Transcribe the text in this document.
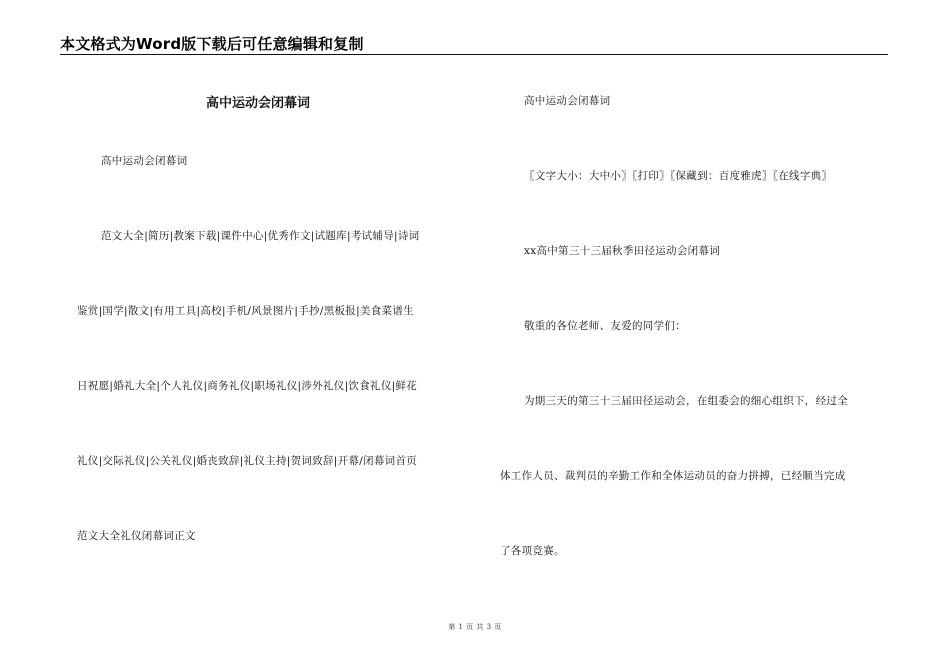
本文格式为Word版下载后可任意编辑和复制
高中运动会闭幕词
高中运动会闭幕词
范文大全|简历|教案下载|课件中心|优秀作文|试题库|考试辅导|诗词
鉴赏|国学|散文|有用工具|高校|手机/风景图片|手抄/黑板报|美食菜谱生
日祝愿|婚礼大全|个人礼仪|商务礼仪|职场礼仪|涉外礼仪|饮食礼仪|鲜花
礼仪|交际礼仪|公关礼仪|婚丧致辞|礼仪主持|贺词致辞|开幕/闭幕词首页
范文大全礼仪闭幕词正文
高中运动会闭幕词
〖文字大小：大中小〗〖打印〗〖保藏到：百度雅虎〗〖在线字典〗
xx高中第三十三届秋季田径运动会闭幕词
敬重的各位老师、友爱的同学们：
为期三天的第三十三届田径运动会，在组委会的细心组织下，经过全
体工作人员、裁判员的辛勤工作和全体运动员的奋力拼搏，已经顺当完成
了各项竞赛。
第 1 页 共 3 页
